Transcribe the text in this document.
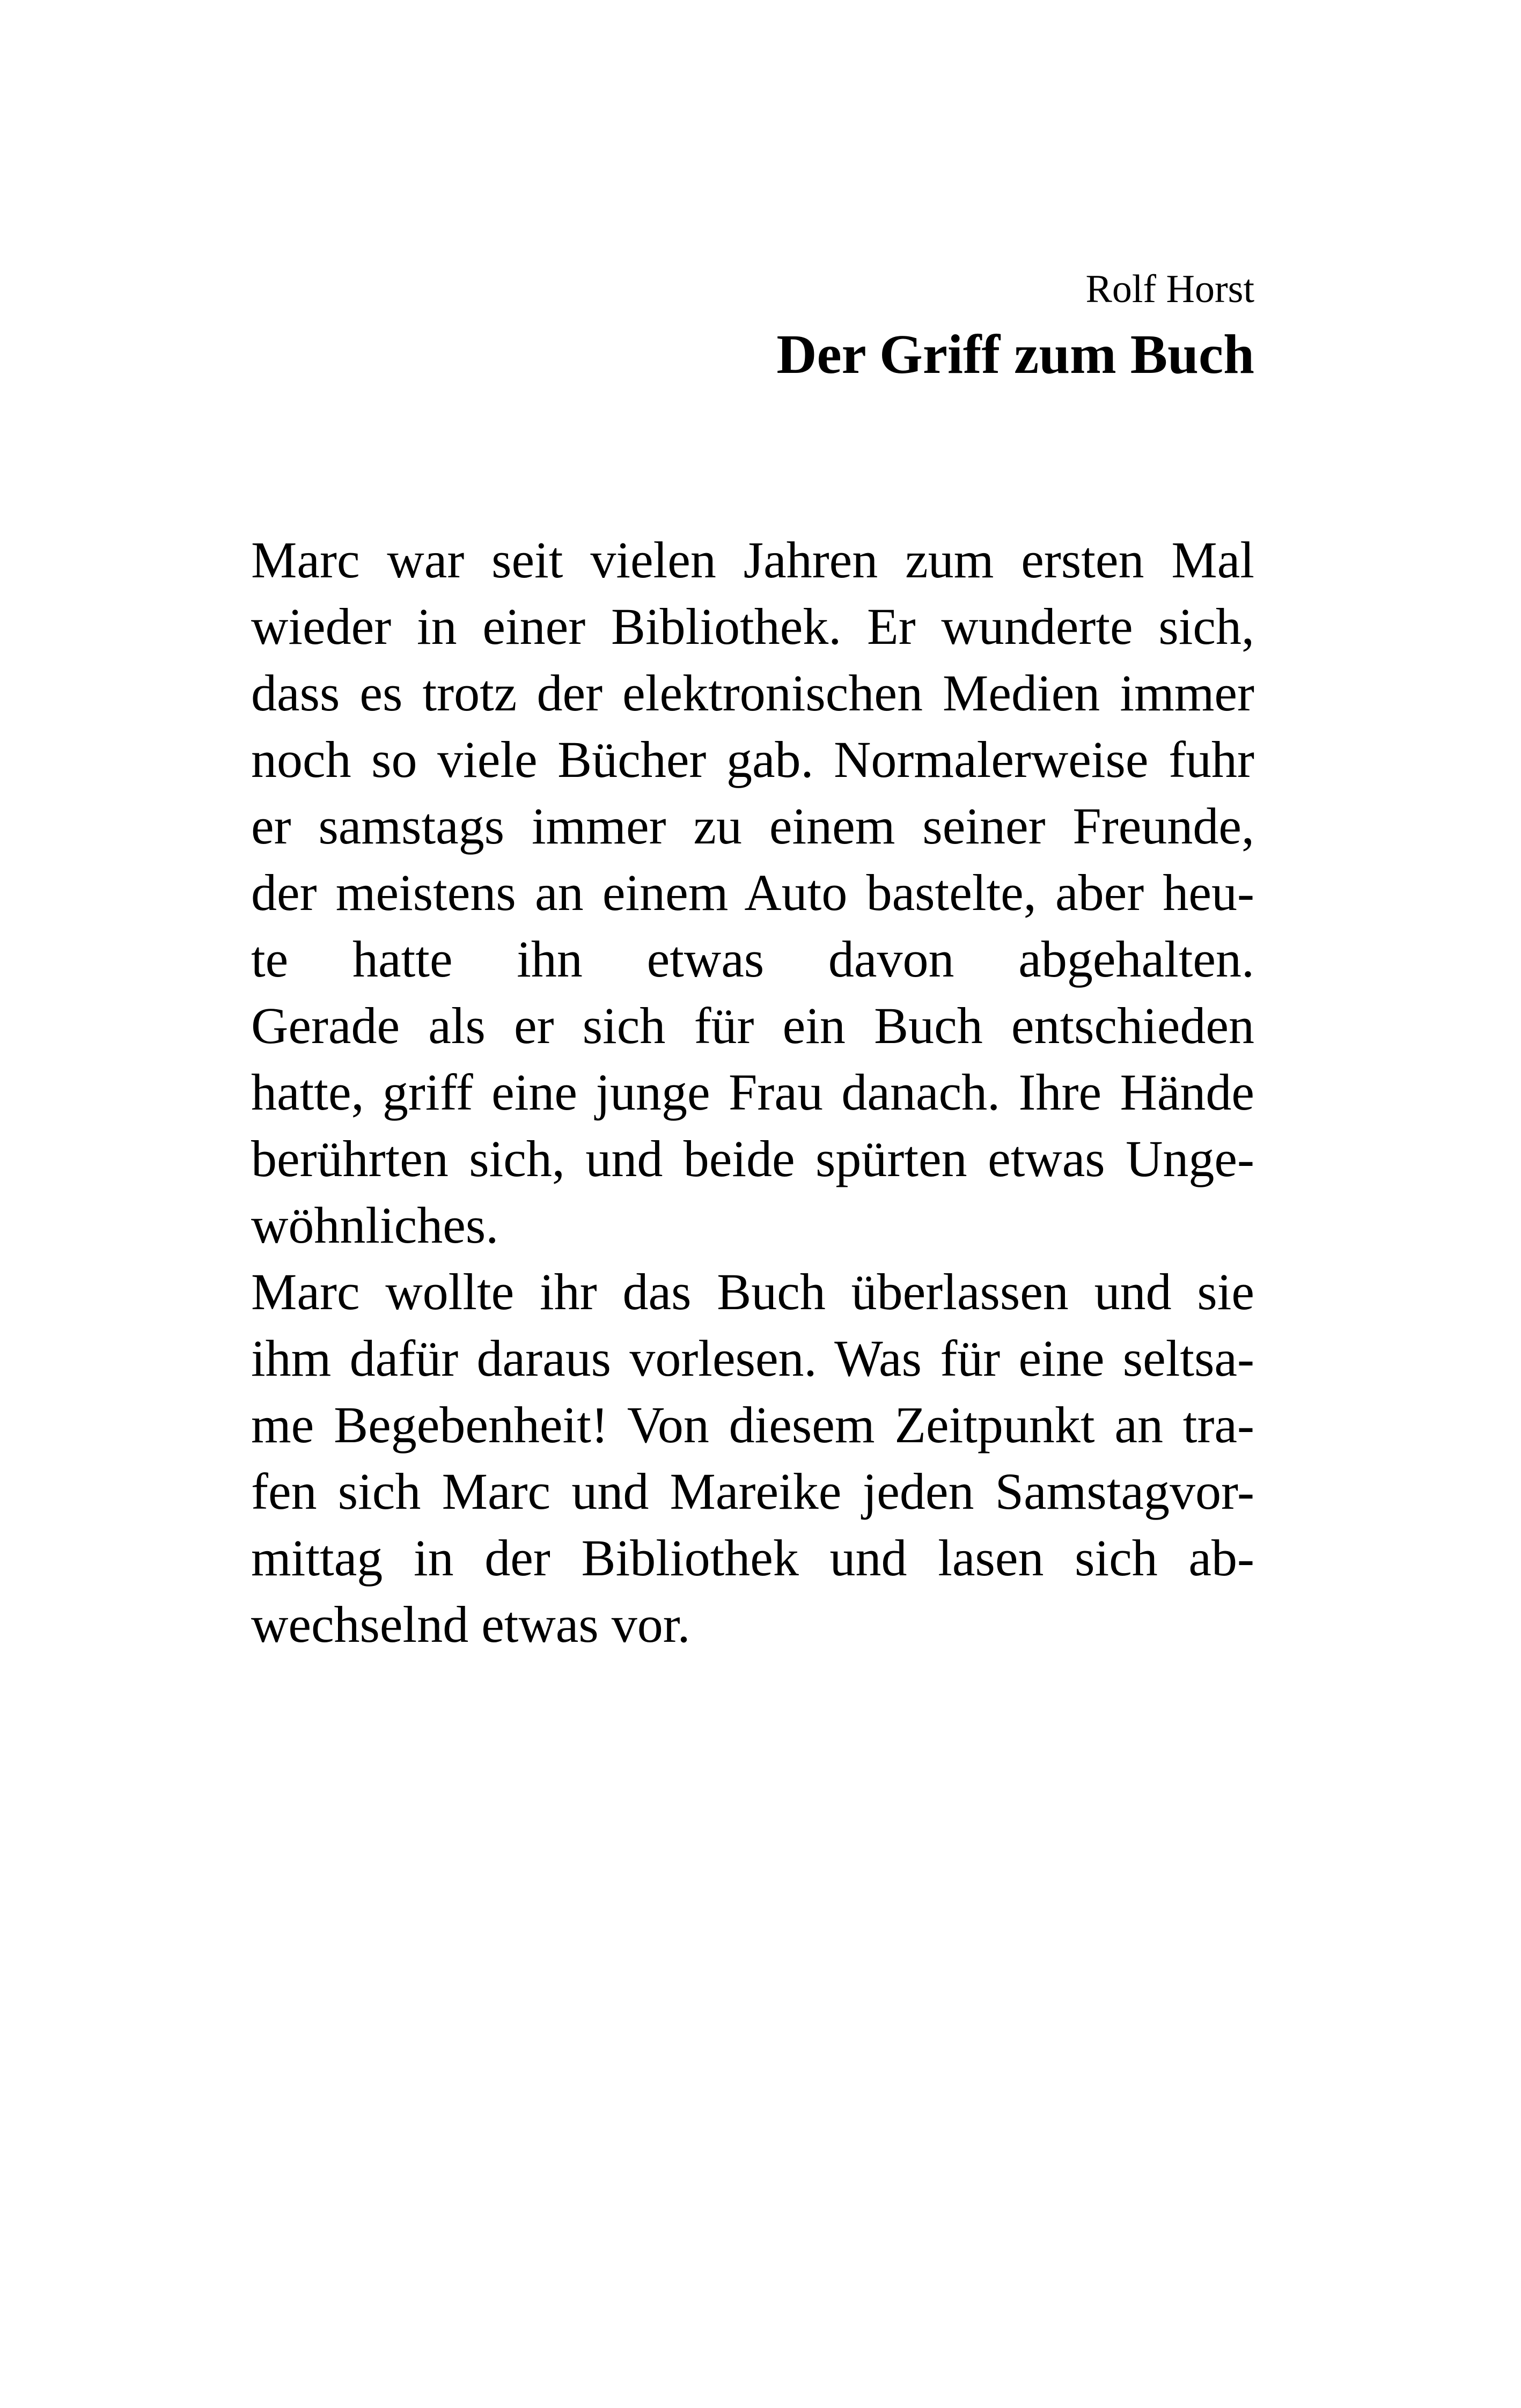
Rolf Horst
Der Griff zum Buch
Marc war seit vielen Jahren zum ersten Mal
wieder in einer Bibliothek. Er wunderte sich,
dass es trotz der elektronischen Medien immer
noch so viele Bücher gab. Normalerweise fuhr
er samstags immer zu einem seiner Freunde,
der meistens an einem Auto bastelte, aber heu-
te hatte ihn etwas davon abgehalten.
Gerade als er sich für ein Buch entschieden
hatte, griff eine junge Frau danach. Ihre Hände
berührten sich, und beide spürten etwas Unge-
wöhnliches.
Marc wollte ihr das Buch überlassen und sie
ihm dafür daraus vorlesen. Was für eine seltsa-
me Begebenheit! Von diesem Zeitpunkt an tra-
fen sich Marc und Mareike jeden Samstagvor-
mittag in der Bibliothek und lasen sich ab-
wechselnd etwas vor.
